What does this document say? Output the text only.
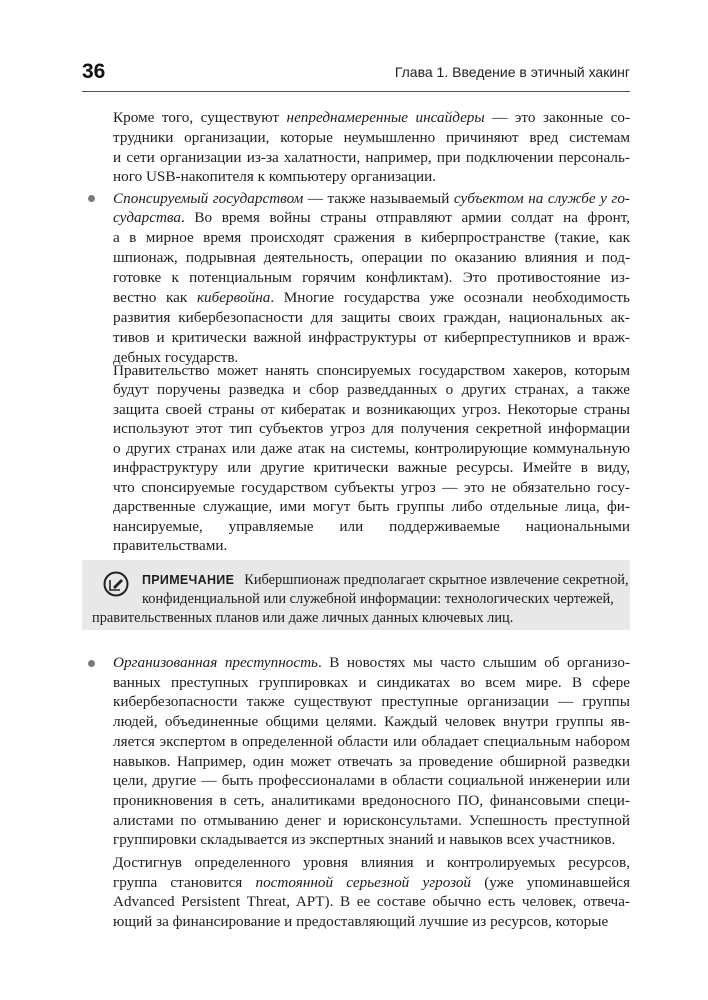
36	Глава 1. Введение в этичный хакинг
Кроме того, существуют непреднамеренные инсайдеры — это законные со-
трудники организации, которые неумышленно причиняют вред системам
и сети организации из-за халатности, например, при подключении персональ-
ного USB-накопителя к компьютеру организации.
Спонсируемый государством — также называемый субъектом на службе у го-
сударства. Во время войны страны отправляют армии солдат на фронт,
а в мирное время происходят сражения в киберпространстве (такие, как
шпионаж, подрывная деятельность, операции по оказанию влияния и под-
готовке к потенциальным горячим конфликтам). Это противостояние из-
вестно как кибервойна. Многие государства уже осознали необходимость
развития кибербезопасности для защиты своих граждан, национальных ак-
тивов и критически важной инфраструктуры от киберпреступников и враж-
дебных государств.
Правительство может нанять спонсируемых государством хакеров, которым
будут поручены разведка и сбор разведданных о других странах, а также
защита своей страны от кибератак и возникающих угроз. Некоторые страны
используют этот тип субъектов угроз для получения секретной информации
о других странах или даже атак на системы, контролирующие коммунальную
инфраструктуру или другие критически важные ресурсы. Имейте в виду,
что спонсируемые государством субъекты угроз — это не обязательно госу-
дарственные служащие, ими могут быть группы либо отдельные лица, фи-
нансируемые, управляемые или поддерживаемые национальными
правительствами.
Организованная преступность. В новостях мы часто слышим об организо-
ванных преступных группировках и синдикатах во всем мире. В сфере
кибербезопасности также существуют преступные организации — группы
людей, объединенные общими целями. Каждый человек внутри группы яв-
ляется экспертом в определенной области или обладает специальным набором
навыков. Например, один может отвечать за проведение обширной разведки
цели, другие — быть профессионалами в области социальной инженерии или
проникновения в сеть, аналитиками вредоносного ПО, финансовыми специ-
алистами по отмыванию денег и юрисконсультами. Успешность преступной
группировки складывается из экспертных знаний и навыков всех участников.
Достигнув определенного уровня влияния и контролируемых ресурсов,
группа становится постоянной серьезной угрозой (уже упоминавшейся
Advanced Persistent Threat, APT). В ее составе обычно есть человек, отвеча-
ющий за финансирование и предоставляющий лучшие из ресурсов, которые
ПРИМЕЧАНИЕ Кибершпионаж предполагает скрытное извлечение секретной,
конфиденциальной или служебной информации: технологических чертежей,
правительственных планов или даже личных данных ключевых лиц.
